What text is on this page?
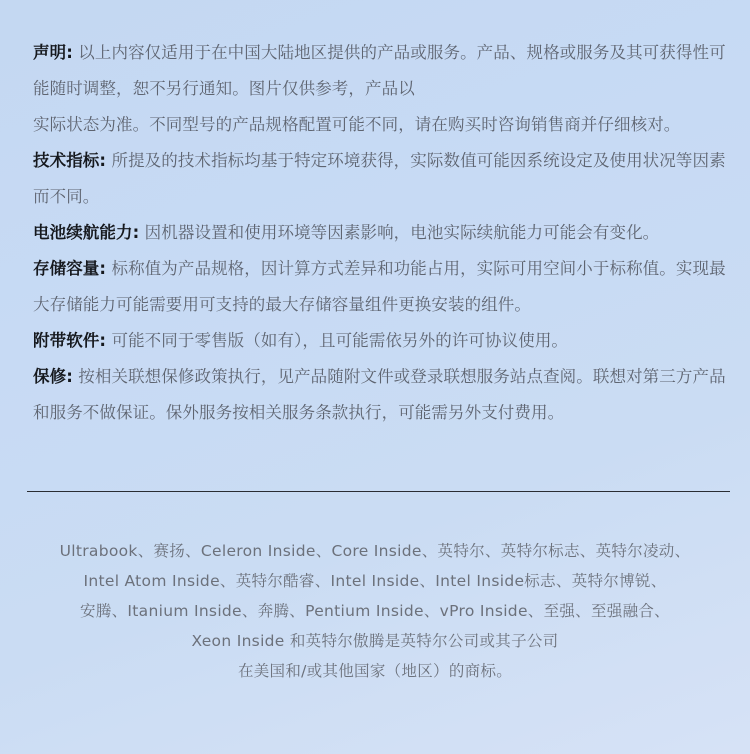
声明: 以上内容仅适用于在中国大陆地区提供的产品或服务。产品、规格或服务及其可获得性可能随时调整，恕不另行通知。图片仅供参考，产品以

实际状态为准。不同型号的产品规格配置可能不同，请在购买时咨询销售商并仔细核对。

技术指标: 所提及的技术指标均基于特定环境获得，实际数值可能因系统设定及使用状况等因素而不同。

电池续航能力: 因机器设置和使用环境等因素影响，电池实际续航能力可能会有变化。

存储容量: 标称值为产品规格，因计算方式差异和功能占用，实际可用空间小于标称值。实现最大存储能力可能需要用可支持的最大存储容量组件更换安装的组件。

附带软件: 可能不同于零售版（如有），且可能需依另外的许可协议使用。

保修: 按相关联想保修政策执行，见产品随附文件或登录联想服务站点查阅。联想对第三方产品和服务不做保证。保外服务按相关服务条款执行，可能需另外支付费用。

Ultrabook、赛扬、Celeron Inside、Core Inside、英特尔、英特尔标志、英特尔凌动、
Intel Atom Inside、英特尔酷睿、Intel Inside、Intel Inside标志、英特尔博锐、
安腾、Itanium Inside、奔腾、Pentium Inside、vPro Inside、至强、至强融合、
Xeon Inside 和英特尔傲腾是英特尔公司或其子公司
在美国和/或其他国家（地区）的商标。
